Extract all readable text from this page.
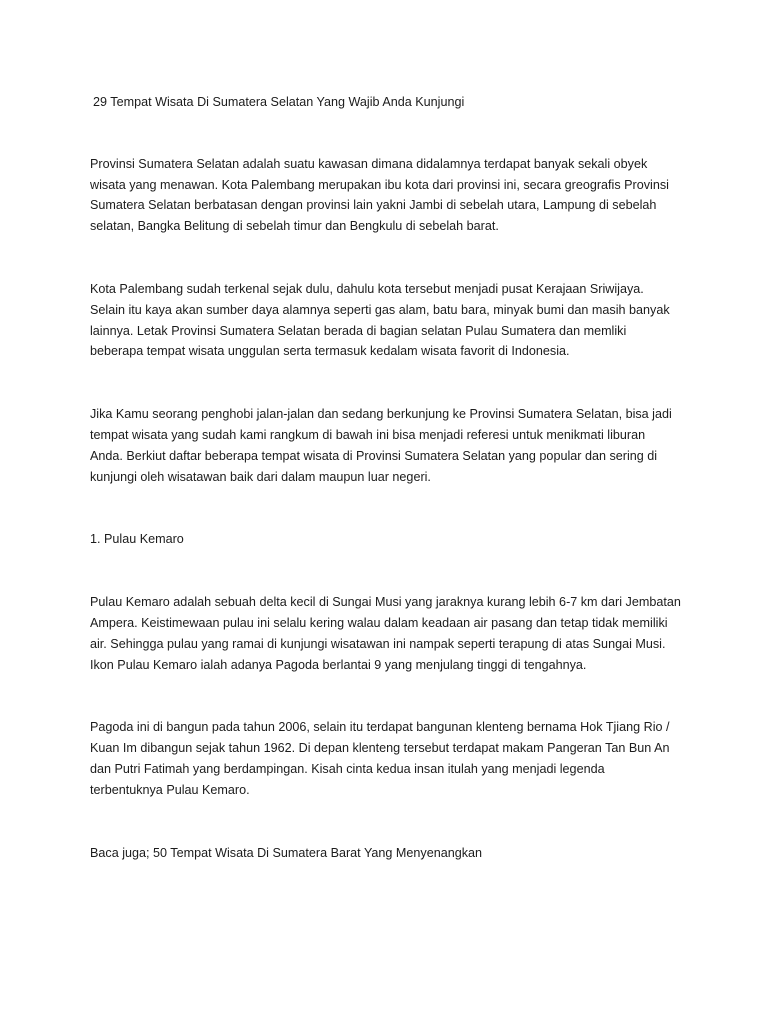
29 Tempat Wisata Di Sumatera Selatan Yang Wajib Anda Kunjungi

Provinsi Sumatera Selatan adalah suatu kawasan dimana didalamnya terdapat banyak sekali obyek
wisata yang menawan. Kota Palembang merupakan ibu kota dari provinsi ini, secara greografis Provinsi
Sumatera Selatan berbatasan dengan provinsi lain yakni Jambi di sebelah utara, Lampung di sebelah
selatan, Bangka Belitung di sebelah timur dan Bengkulu di sebelah barat.

Kota Palembang sudah terkenal sejak dulu, dahulu kota tersebut menjadi pusat Kerajaan Sriwijaya.
Selain itu kaya akan sumber daya alamnya seperti gas alam, batu bara, minyak bumi dan masih banyak
lainnya. Letak Provinsi Sumatera Selatan berada di bagian selatan Pulau Sumatera dan memliki
beberapa tempat wisata unggulan serta termasuk kedalam wisata favorit di Indonesia.

Jika Kamu seorang penghobi jalan-jalan dan sedang berkunjung ke Provinsi Sumatera Selatan, bisa jadi
tempat wisata yang sudah kami rangkum di bawah ini bisa menjadi referesi untuk menikmati liburan
Anda. Berkiut daftar beberapa tempat wisata di Provinsi Sumatera Selatan yang popular dan sering di
kunjungi oleh wisatawan baik dari dalam maupun luar negeri.

1. Pulau Kemaro

Pulau Kemaro adalah sebuah delta kecil di Sungai Musi yang jaraknya kurang lebih 6-7 km dari Jembatan
Ampera. Keistimewaan pulau ini selalu kering walau dalam keadaan air pasang dan tetap tidak memiliki
air. Sehingga pulau yang ramai di kunjungi wisatawan ini nampak seperti terapung di atas Sungai Musi.
Ikon Pulau Kemaro ialah adanya Pagoda berlantai 9 yang menjulang tinggi di tengahnya.

Pagoda ini di bangun pada tahun 2006, selain itu terdapat bangunan klenteng bernama Hok Tjiang Rio /
Kuan Im dibangun sejak tahun 1962. Di depan klenteng tersebut terdapat makam Pangeran Tan Bun An
dan Putri Fatimah yang berdampingan. Kisah cinta kedua insan itulah yang menjadi legenda
terbentuknya Pulau Kemaro.

Baca juga; 50 Tempat Wisata Di Sumatera Barat Yang Menyenangkan
